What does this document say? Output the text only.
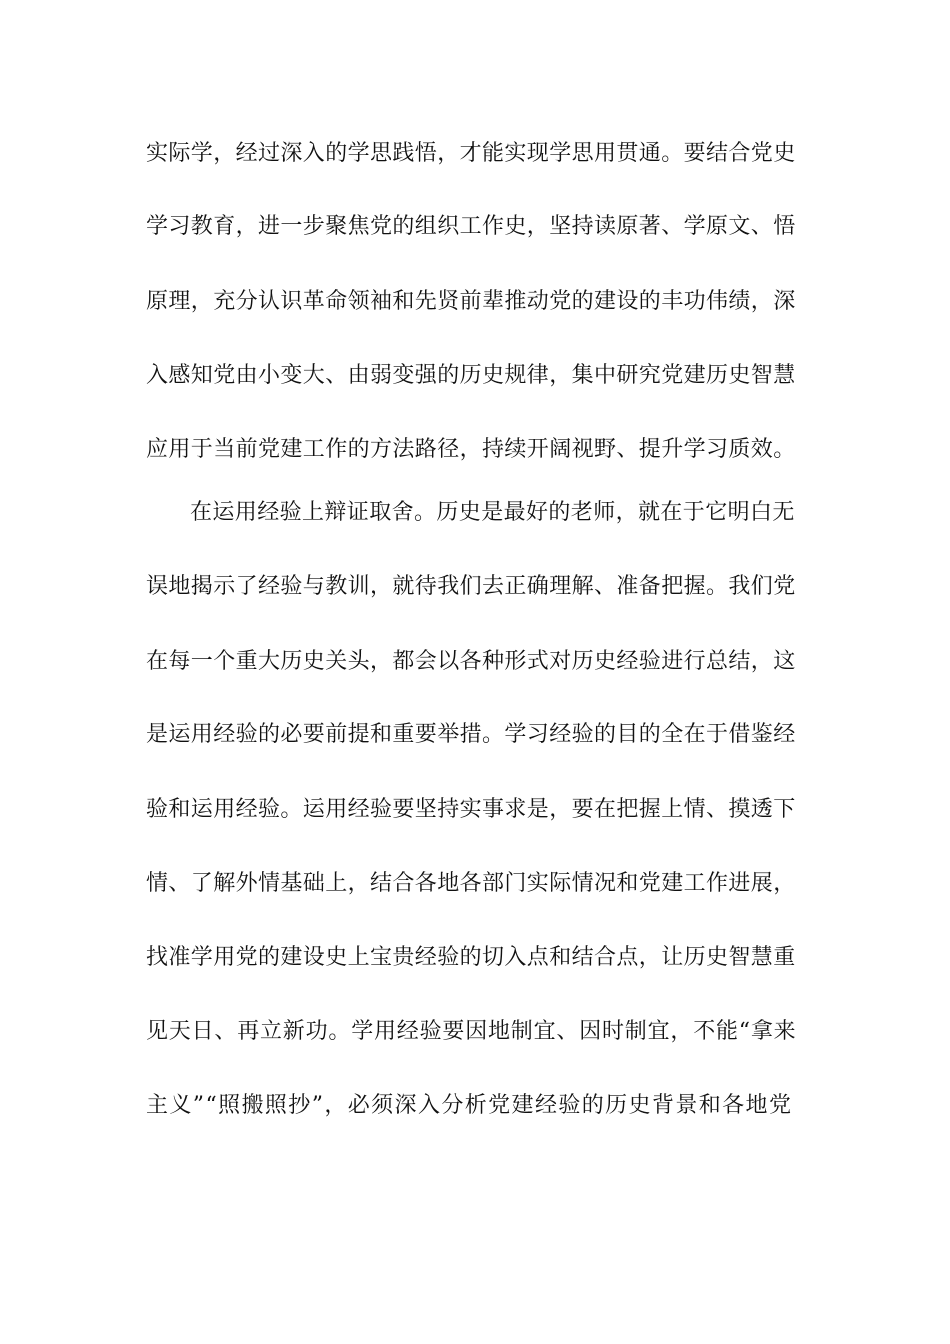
实际学，经过深入的学思践悟，才能实现学思用贯通。要结合党史
学习教育，进一步聚焦党的组织工作史，坚持读原著、学原文、悟
原理，充分认识革命领袖和先贤前辈推动党的建设的丰功伟绩，深
入感知党由小变大、由弱变强的历史规律，集中研究党建历史智慧
应用于当前党建工作的方法路径，持续开阔视野、提升学习质效。
在运用经验上辩证取舍。历史是最好的老师，就在于它明白无
误地揭示了经验与教训，就待我们去正确理解、准备把握。我们党
在每一个重大历史关头，都会以各种形式对历史经验进行总结，这
是运用经验的必要前提和重要举措。学习经验的目的全在于借鉴经
验和运用经验。运用经验要坚持实事求是，要在把握上情、摸透下
情、了解外情基础上，结合各地各部门实际情况和党建工作进展，
找准学用党的建设史上宝贵经验的切入点和结合点，让历史智慧重
见天日、再立新功。学用经验要因地制宜、因时制宜，不能“拿来
主义”“照搬照抄”，必须深入分析党建经验的历史背景和各地党
